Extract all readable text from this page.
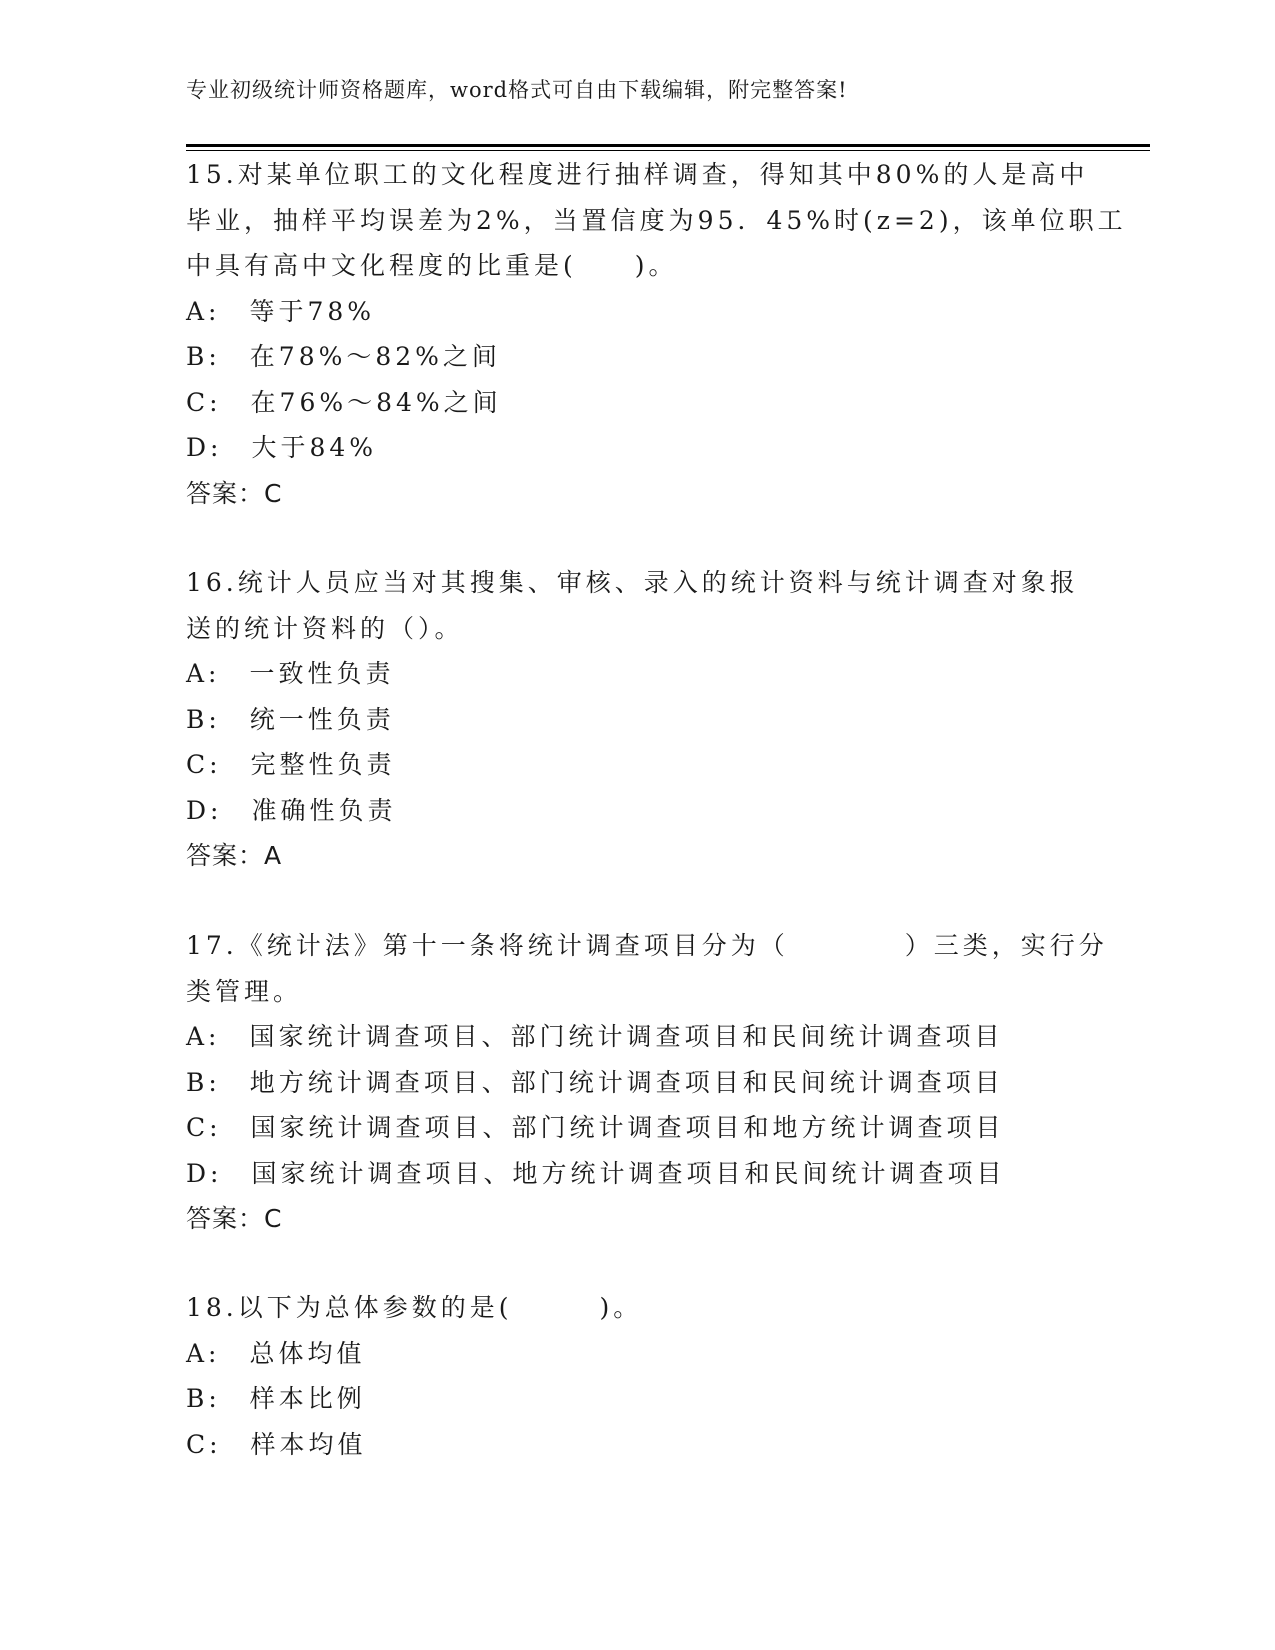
专业初级统计师资格题库，word格式可自由下载编辑，附完整答案!
15.对某单位职工的文化程度进行抽样调查，得知其中80%的人是高中
毕业，抽样平均误差为2%，当置信度为95．45%时(z=2)，该单位职工
中具有高中文化程度的比重是(　　)。
A:　等于78%
B:　在78%～82%之间
C:　在76%～84%之间
D:　大于84%
答案：C
16.统计人员应当对其搜集、审核、录入的统计资料与统计调查对象报
送的统计资料的（）。
A:　一致性负责
B:　统一性负责
C:　完整性负责
D:　准确性负责
答案：A
17.《统计法》第十一条将统计调查项目分为（　　　　）三类，实行分
类管理。
A:　国家统计调查项目、部门统计调查项目和民间统计调查项目
B:　地方统计调查项目、部门统计调查项目和民间统计调查项目
C:　国家统计调查项目、部门统计调查项目和地方统计调查项目
D:　国家统计调查项目、地方统计调查项目和民间统计调查项目
答案：C
18.以下为总体参数的是(　　　)。
A:　总体均值
B:　样本比例
C:　样本均值
